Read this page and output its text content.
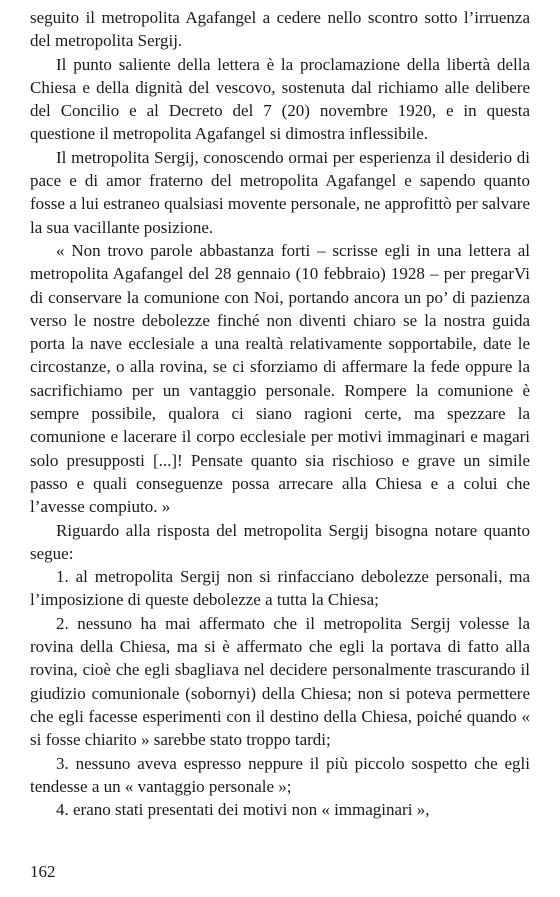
seguito il metropolita Agafangel a cedere nello scontro sotto l’irruenza del metropolita Sergij.

Il punto saliente della lettera è la proclamazione della libertà della Chiesa e della dignità del vescovo, sostenuta dal richiamo alle delibere del Concilio e al Decreto del 7 (20) novembre 1920, e in questa questione il metropolita Agafangel si dimostra inflessibile.

Il metropolita Sergij, conoscendo ormai per esperienza il desiderio di pace e di amor fraterno del metropolita Agafangel e sapendo quanto fosse a lui estraneo qualsiasi movente personale, ne approfittò per salvare la sua vacillante posizione.

« Non trovo parole abbastanza forti – scrisse egli in una lettera al metropolita Agafangel del 28 gennaio (10 febbraio) 1928 – per pregarVi di conservare la comunione con Noi, portando ancora un po’ di pazienza verso le nostre debolezze finché non diventi chiaro se la nostra guida porta la nave ecclesiale a una realtà relativamente sopportabile, date le circostanze, o alla rovina, se ci sforziamo di affermare la fede oppure la sacrifichiamo per un vantaggio personale. Rompere la comunione è sempre possibile, qualora ci siano ragioni certe, ma spezzare la comunione e lacerare il corpo ecclesiale per motivi immaginari e magari solo presupposti [...]! Pensate quanto sia rischioso e grave un simile passo e quali conseguenze possa arrecare alla Chiesa e a colui che l’avesse compiuto. »

Riguardo alla risposta del metropolita Sergij bisogna notare quanto segue:

1. al metropolita Sergij non si rinfacciano debolezze personali, ma l’imposizione di queste debolezze a tutta la Chiesa;

2. nessuno ha mai affermato che il metropolita Sergij volesse la rovina della Chiesa, ma si è affermato che egli la portava di fatto alla rovina, cioè che egli sbagliava nel decidere personalmente trascurando il giudizio comunionale (sobornyi) della Chiesa; non si poteva permettere che egli facesse esperimenti con il destino della Chiesa, poiché quando « si fosse chiarito » sarebbe stato troppo tardi;

3. nessuno aveva espresso neppure il più piccolo sospetto che egli tendesse a un « vantaggio personale »;

4. erano stati presentati dei motivi non « immaginari »,

162
